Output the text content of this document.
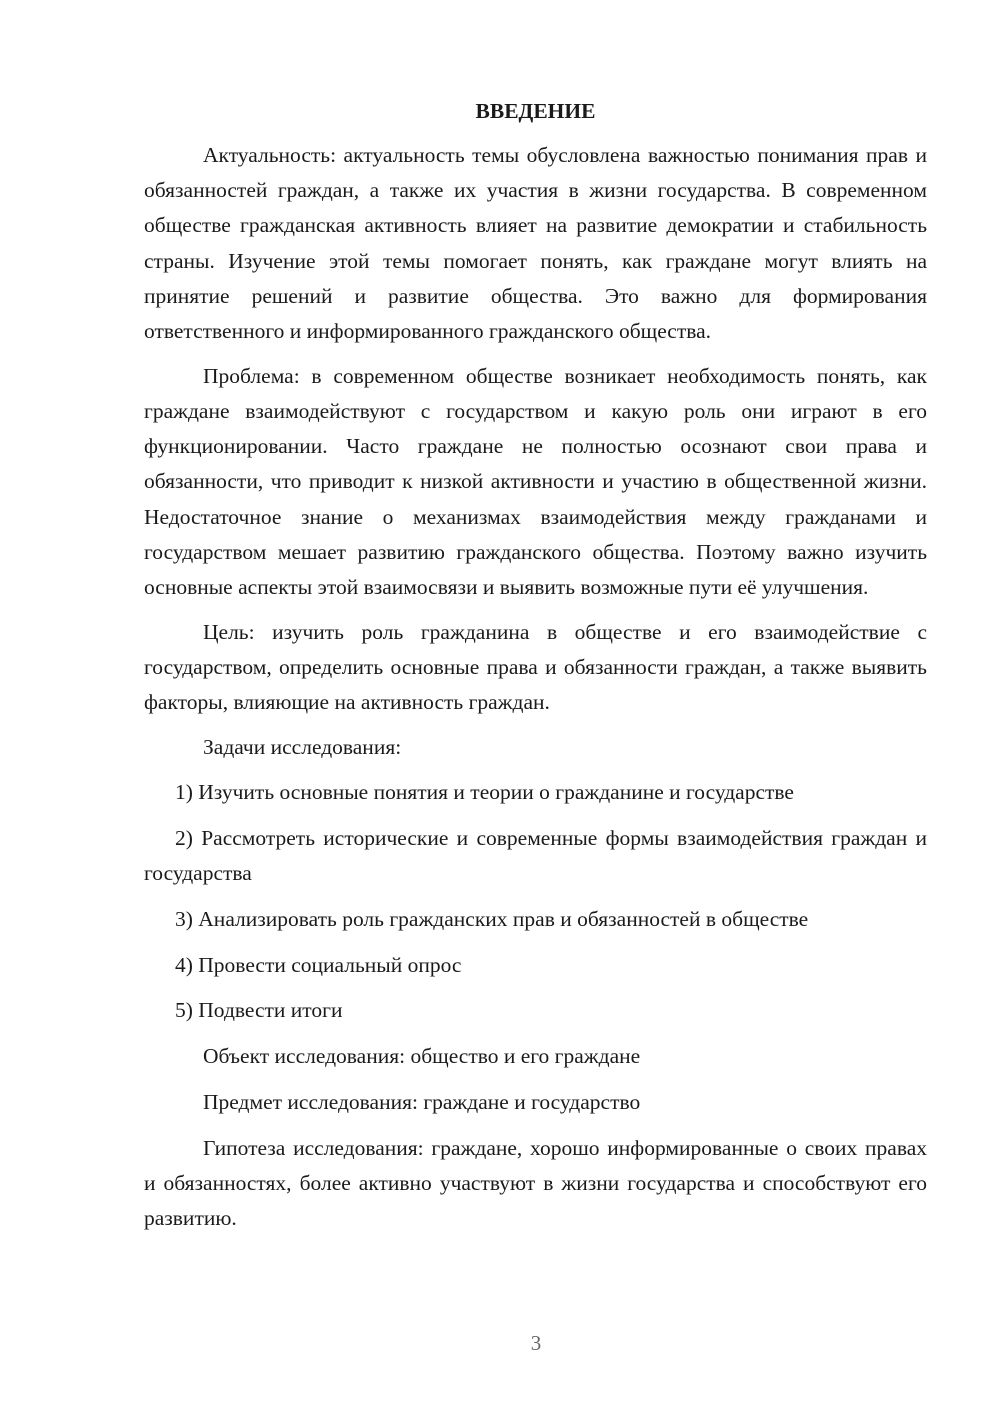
ВВЕДЕНИЕ

Актуальность: актуальность темы обусловлена важностью понимания прав и обязанностей граждан, а также их участия в жизни государства. В современном обществе гражданская активность влияет на развитие демократии и стабильность страны. Изучение этой темы помогает понять, как граждане могут влиять на принятие решений и развитие общества. Это важно для формирования ответственного и информированного гражданского общества.

Проблема: в современном обществе возникает необходимость понять, как граждане взаимодействуют с государством и какую роль они играют в его функционировании. Часто граждане не полностью осознают свои права и обязанности, что приводит к низкой активности и участию в общественной жизни. Недостаточное знание о механизмах взаимодействия между гражданами и государством мешает развитию гражданского общества. Поэтому важно изучить основные аспекты этой взаимосвязи и выявить возможные пути её улучшения.

Цель: изучить роль гражданина в обществе и его взаимодействие с государством, определить основные права и обязанности граждан, а также выявить факторы, влияющие на активность граждан.

Задачи исследования:

1) Изучить основные понятия и теории о гражданине и государстве

2) Рассмотреть исторические и современные формы взаимодействия граждан и государства

3) Анализировать роль гражданских прав и обязанностей в обществе

4) Провести социальный опрос

5) Подвести итоги

Объект исследования: общество и его граждане

Предмет исследования: граждане и государство

Гипотеза исследования: граждане, хорошо информированные о своих правах и обязанностях, более активно участвуют в жизни государства и способствуют его развитию.

3
